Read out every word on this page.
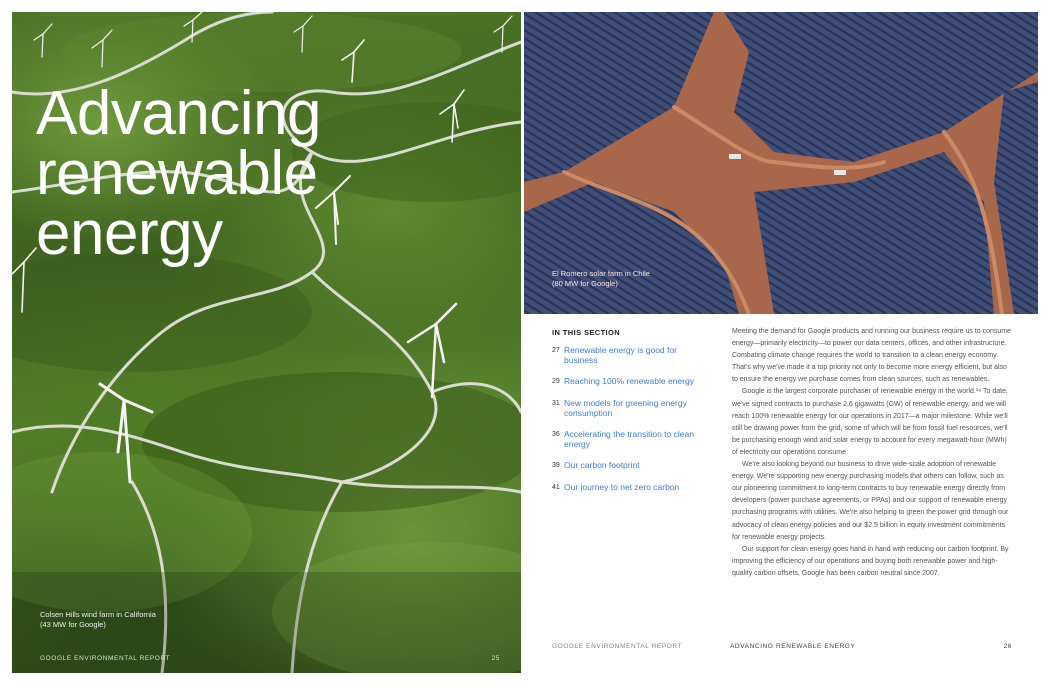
Advancing
renewable
energy
Colsen Hills wind farm in California
(43 MW for Google)
GOOGLE ENVIRONMENTAL REPORT	25
El Romero solar farm in Chile
(80 MW for Google)
IN THIS SECTION
27 Renewable energy is good for business
29 Reaching 100% renewable energy
31 New models for greening energy consumption
36 Accelerating the transition to clean energy
39 Our carbon footprint
41 Our journey to net zero carbon

Meeting the demand for Google products and running our business require us to consume energy—primarily electricity—to power our data centers, offices, and other infrastructure. Combating climate change requires the world to transition to a clean energy economy. That's why we've made it a top priority not only to become more energy efficient, but also to ensure the energy we purchase comes from clean sources, such as renewables.

Google is the largest corporate purchaser of renewable energy in the world.¹⁹ To date, we've signed contracts to purchase 2.6 gigawatts (GW) of renewable energy, and we will reach 100% renewable energy for our operations in 2017—a major milestone. While we'll still be drawing power from the grid, some of which will be from fossil fuel resources, we'll be purchasing enough wind and solar energy to account for every megawatt-hour (MWh) of electricity our operations consume.

We're also looking beyond our business to drive wide-scale adoption of renewable energy. We're supporting new energy purchasing models that others can follow, such as our pioneering commitment to long-term contracts to buy renewable energy directly from developers (power purchase agreements, or PPAs) and our support of renewable energy purchasing programs with utilities. We're also helping to green the power grid through our advocacy of clean energy policies and our $2.5 billion in equity investment commitments for renewable energy projects.

Our support for clean energy goes hand in hand with reducing our carbon footprint. By improving the efficiency of our operations and buying both renewable power and high-quality carbon offsets, Google has been carbon neutral since 2007.

GOOGLE ENVIRONMENTAL REPORT	ADVANCING RENEWABLE ENERGY	26
